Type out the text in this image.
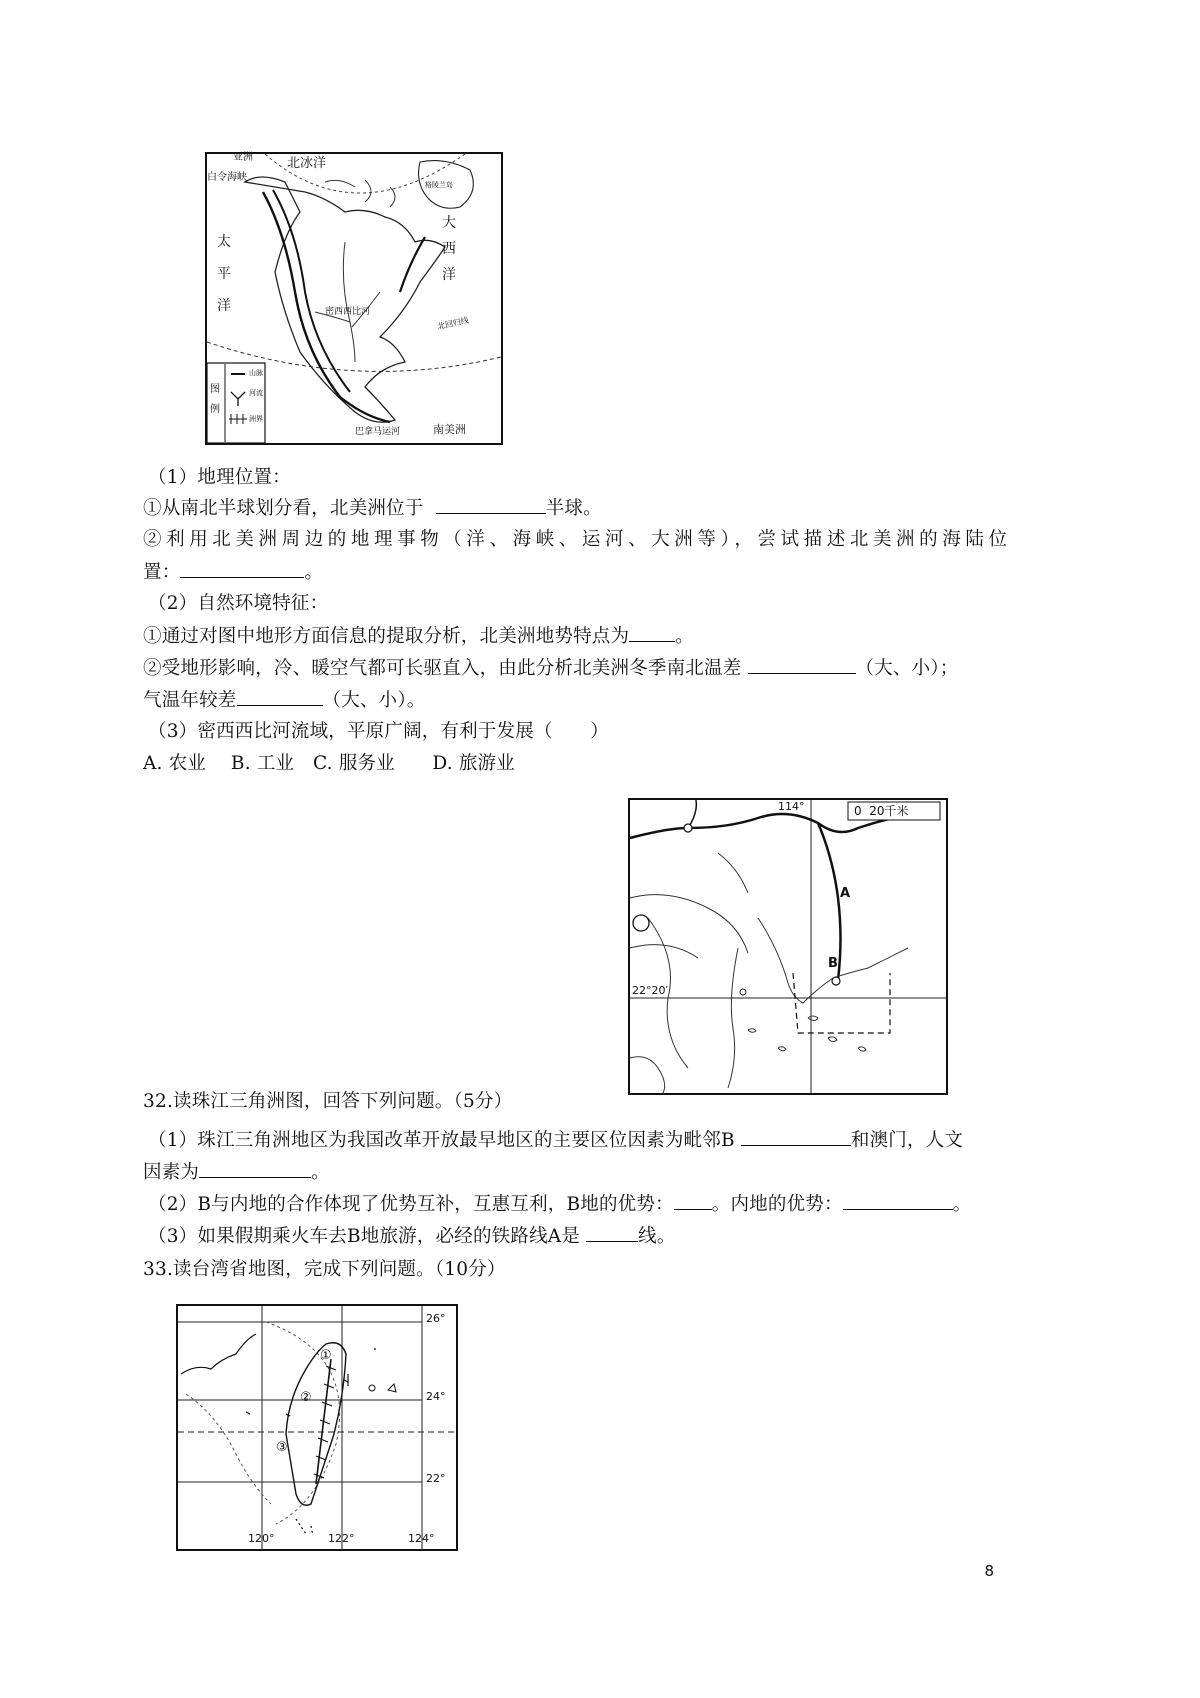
亚洲	北冰洋
白令海峡
格陵兰岛
大西洋
太平洋	密西西比河
北回归线
巴拿马运河	南美洲
图例
山脉
河流
洲界
（1）地理位置：
①从南北半球划分看，北美洲位于	半球。
②利用北美洲周边的地理事物（洋、海峡、运河、大洲等），尝试描述北美洲的海陆位
置：	。
（2）自然环境特征：
①通过对图中地形方面信息的提取分析，北美洲地势特点为 。
②受地形影响，冷、暖空气都可长驱直入，由此分析北美洲冬季南北温差	（大、小）；
气温年较差	（大、小）。
（3）密西西比河流域，平原广阔，有利于发展（　　）
A. 农业　 B. 工业　C. 服务业　　D. 旅游业
114°	0  20千米
A
B
22°20′
32.读珠江三角洲图，回答下列问题。（5分）
（1）珠江三角洲地区为我国改革开放最早地区的主要区位因素为毗邻B	和澳门，人文
因素为	。
（2）B与内地的合作体现了优势互补，互惠互利，B地的优势： 。内地的优势：	。
（3）如果假期乘火车去B地旅游，必经的铁路线A是	线。
33.读台湾省地图，完成下列问题。（10分）
26°
24°
22°
120°	122°	124°
①
②
③
8
